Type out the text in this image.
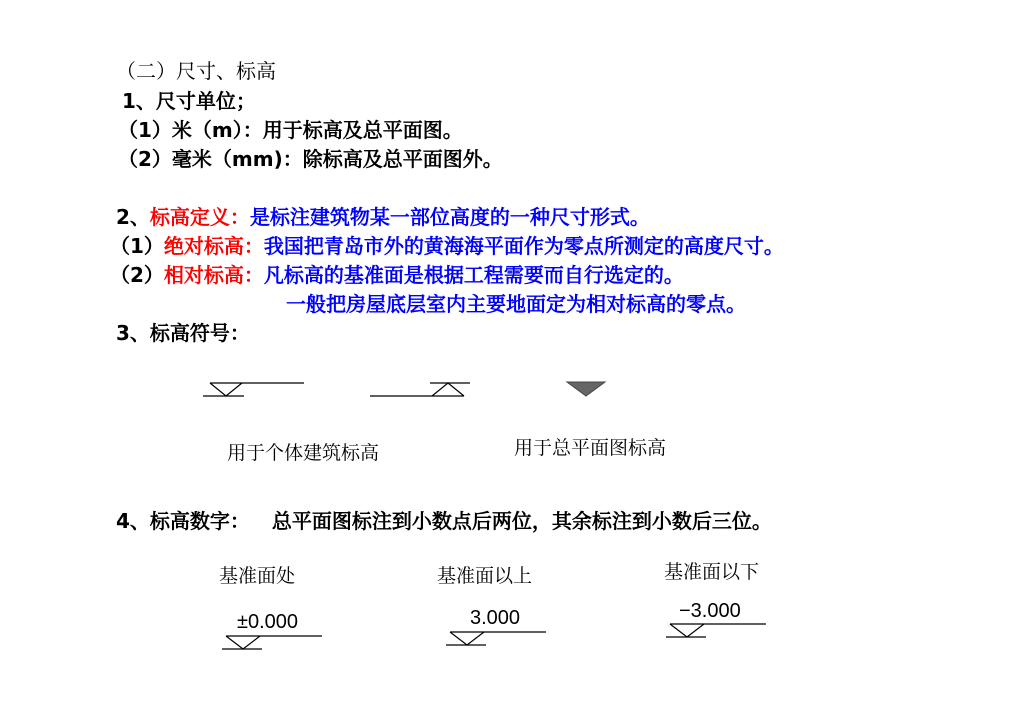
（二）尺寸、标高
1、尺寸单位；
（1）米（m）：用于标高及总平面图。
（2）毫米（mm)：除标高及总平面图外。
2、标高定义：是标注建筑物某一部位高度的一种尺寸形式。
（1）绝对标高：我国把青岛市外的黄海海平面作为零点所测定的高度尺寸。
（2）相对标高：凡标高的基准面是根据工程需要而自行选定的。
一般把房屋底层室内主要地面定为相对标高的零点。
3、标高符号：
用于个体建筑标高	用于总平面图标高
4、标高数字： 总平面图标注到小数点后两位，其余标注到小数后三位。
基准面处	基准面以上	基准面以下
±0.000	3.000	−3.000
